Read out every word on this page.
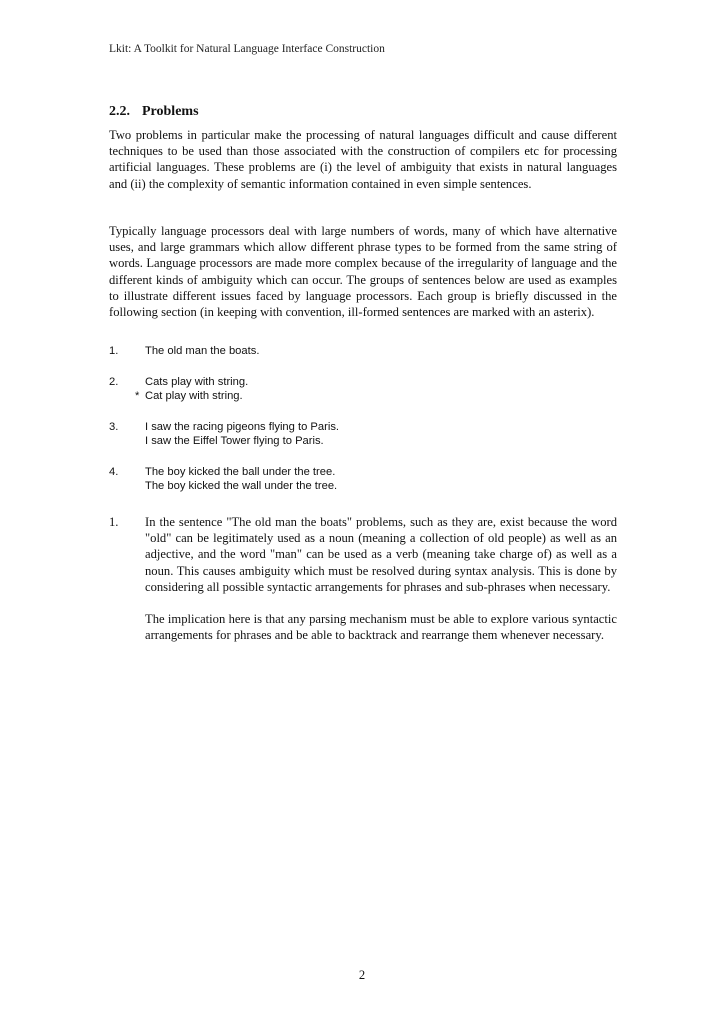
Lkit: A Toolkit for Natural Language Interface Construction
2.2. Problems

Two problems in particular make the processing of natural languages difficult and cause different techniques to be used than those associated with the construction of compilers etc for processing artificial languages. These problems are (i) the level of ambiguity that exists in natural languages and (ii) the complexity of semantic information contained in even simple sentences.

Typically language processors deal with large numbers of words, many of which have alternative uses, and large grammars which allow different phrase types to be formed from the same string of words. Language processors are made more complex because of the irregularity of language and the different kinds of ambiguity which can occur. The groups of sentences below are used as examples to illustrate different issues faced by language processors. Each group is briefly discussed in the following section (in keeping with convention, ill-formed sentences are marked with an asterix).

1.	The old man the boats.
2.	Cats play with string.
* Cat play with string.
3.	I saw the racing pigeons flying to Paris.
I saw the Eiffel Tower flying to Paris.
4.	The boy kicked the ball under the tree.
The boy kicked the wall under the tree.
1.	In the sentence "The old man the boats" problems, such as they are, exist because the word "old" can be legitimately used as a noun (meaning a collection of old people) as well as an adjective, and the word "man" can be used as a verb (meaning take charge of) as well as a noun. This causes ambiguity which must be resolved during syntax analysis. This is done by considering all possible syntactic arrangements for phrases and sub-phrases when necessary.

The implication here is that any parsing mechanism must be able to explore various syntactic arrangements for phrases and be able to backtrack and rearrange them whenever necessary.

2
